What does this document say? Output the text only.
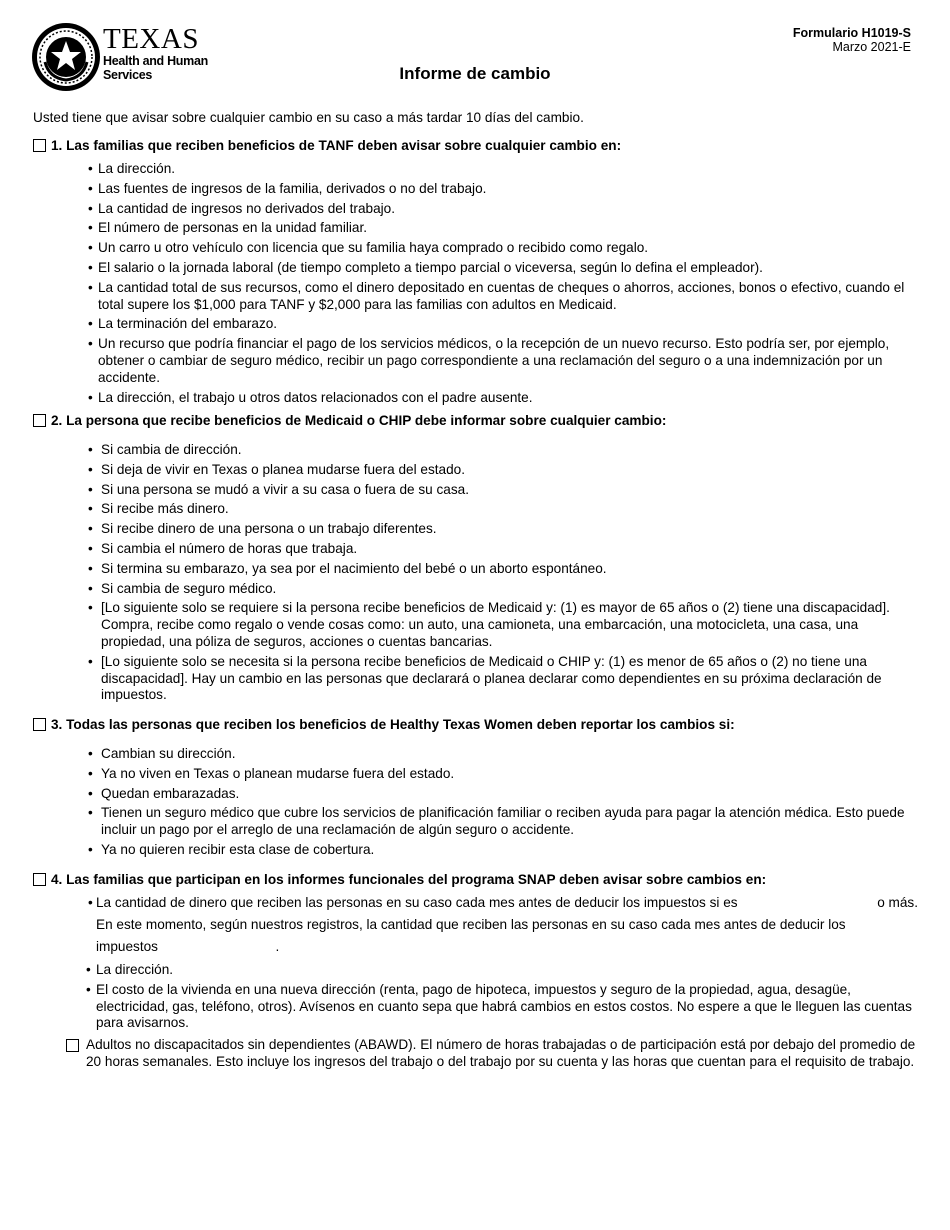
TEXAS
Health and Human
Services
Formulario H1019-S
Marzo 2021-E
Informe de cambio
Usted tiene que avisar sobre cualquier cambio en su caso a más tardar 10 días del cambio.
1. Las familias que reciben beneficios de TANF deben avisar sobre cualquier cambio en:
• La dirección.
• Las fuentes de ingresos de la familia, derivados o no del trabajo.
• La cantidad de ingresos no derivados del trabajo.
• El número de personas en la unidad familiar.
• Un carro u otro vehículo con licencia que su familia haya comprado o recibido como regalo.
• El salario o la jornada laboral (de tiempo completo a tiempo parcial o viceversa, según lo defina el empleador).
• La cantidad total de sus recursos, como el dinero depositado en cuentas de cheques o ahorros, acciones, bonos o efectivo, cuando el total supere los $1,000 para TANF y $2,000 para las familias con adultos en Medicaid.
• La terminación del embarazo.
• Un recurso que podría financiar el pago de los servicios médicos, o la recepción de un nuevo recurso. Esto podría ser, por ejemplo, obtener o cambiar de seguro médico, recibir un pago correspondiente a una reclamación del seguro o a una indemnización por un accidente.
• La dirección, el trabajo u otros datos relacionados con el padre ausente.
2. La persona que recibe beneficios de Medicaid o CHIP debe informar sobre cualquier cambio:
• Si cambia de dirección.
• Si deja de vivir en Texas o planea mudarse fuera del estado.
• Si una persona se mudó a vivir a su casa o fuera de su casa.
• Si recibe más dinero.
• Si recibe dinero de una persona o un trabajo diferentes.
• Si cambia el número de horas que trabaja.
• Si termina su embarazo, ya sea por el nacimiento del bebé o un aborto espontáneo.
• Si cambia de seguro médico.
• [Lo siguiente solo se requiere si la persona recibe beneficios de Medicaid y: (1) es mayor de 65 años o (2) tiene una discapacidad]. Compra, recibe como regalo o vende cosas como: un auto, una camioneta, una embarcación, una motocicleta, una casa, una propiedad, una póliza de seguros, acciones o cuentas bancarias.
• [Lo siguiente solo se necesita si la persona recibe beneficios de Medicaid o CHIP y: (1) es menor de 65 años o (2) no tiene una discapacidad]. Hay un cambio en las personas que declarará o planea declarar como dependientes en su próxima declaración de impuestos.
3. Todas las personas que reciben los beneficios de Healthy Texas Women deben reportar los cambios si:
• Cambian su dirección.
• Ya no viven en Texas o planean mudarse fuera del estado.
• Quedan embarazadas.
• Tienen un seguro médico que cubre los servicios de planificación familiar o reciben ayuda para pagar la atención médica. Esto puede incluir un pago por el arreglo de una reclamación de algún seguro o accidente.
• Ya no quieren recibir esta clase de cobertura.
4. Las familias que participan en los informes funcionales del programa SNAP deben avisar sobre cambios en:
• La cantidad de dinero que reciben las personas en su caso cada mes antes de deducir los impuestos si es	o más.
En este momento, según nuestros registros, la cantidad que reciben las personas en su caso cada mes antes de deducir los
impuestos	.
• La dirección.
• El costo de la vivienda en una nueva dirección (renta, pago de hipoteca, impuestos y seguro de la propiedad, agua, desagüe, electricidad, gas, teléfono, otros). Avísenos en cuanto sepa que habrá cambios en estos costos. No espere a que le lleguen las cuentas para avisarnos.
Adultos no discapacitados sin dependientes (ABAWD). El número de horas trabajadas o de participación está por debajo del promedio de 20 horas semanales. Esto incluye los ingresos del trabajo o del trabajo por su cuenta y las horas que cuentan para el requisito de trabajo.
